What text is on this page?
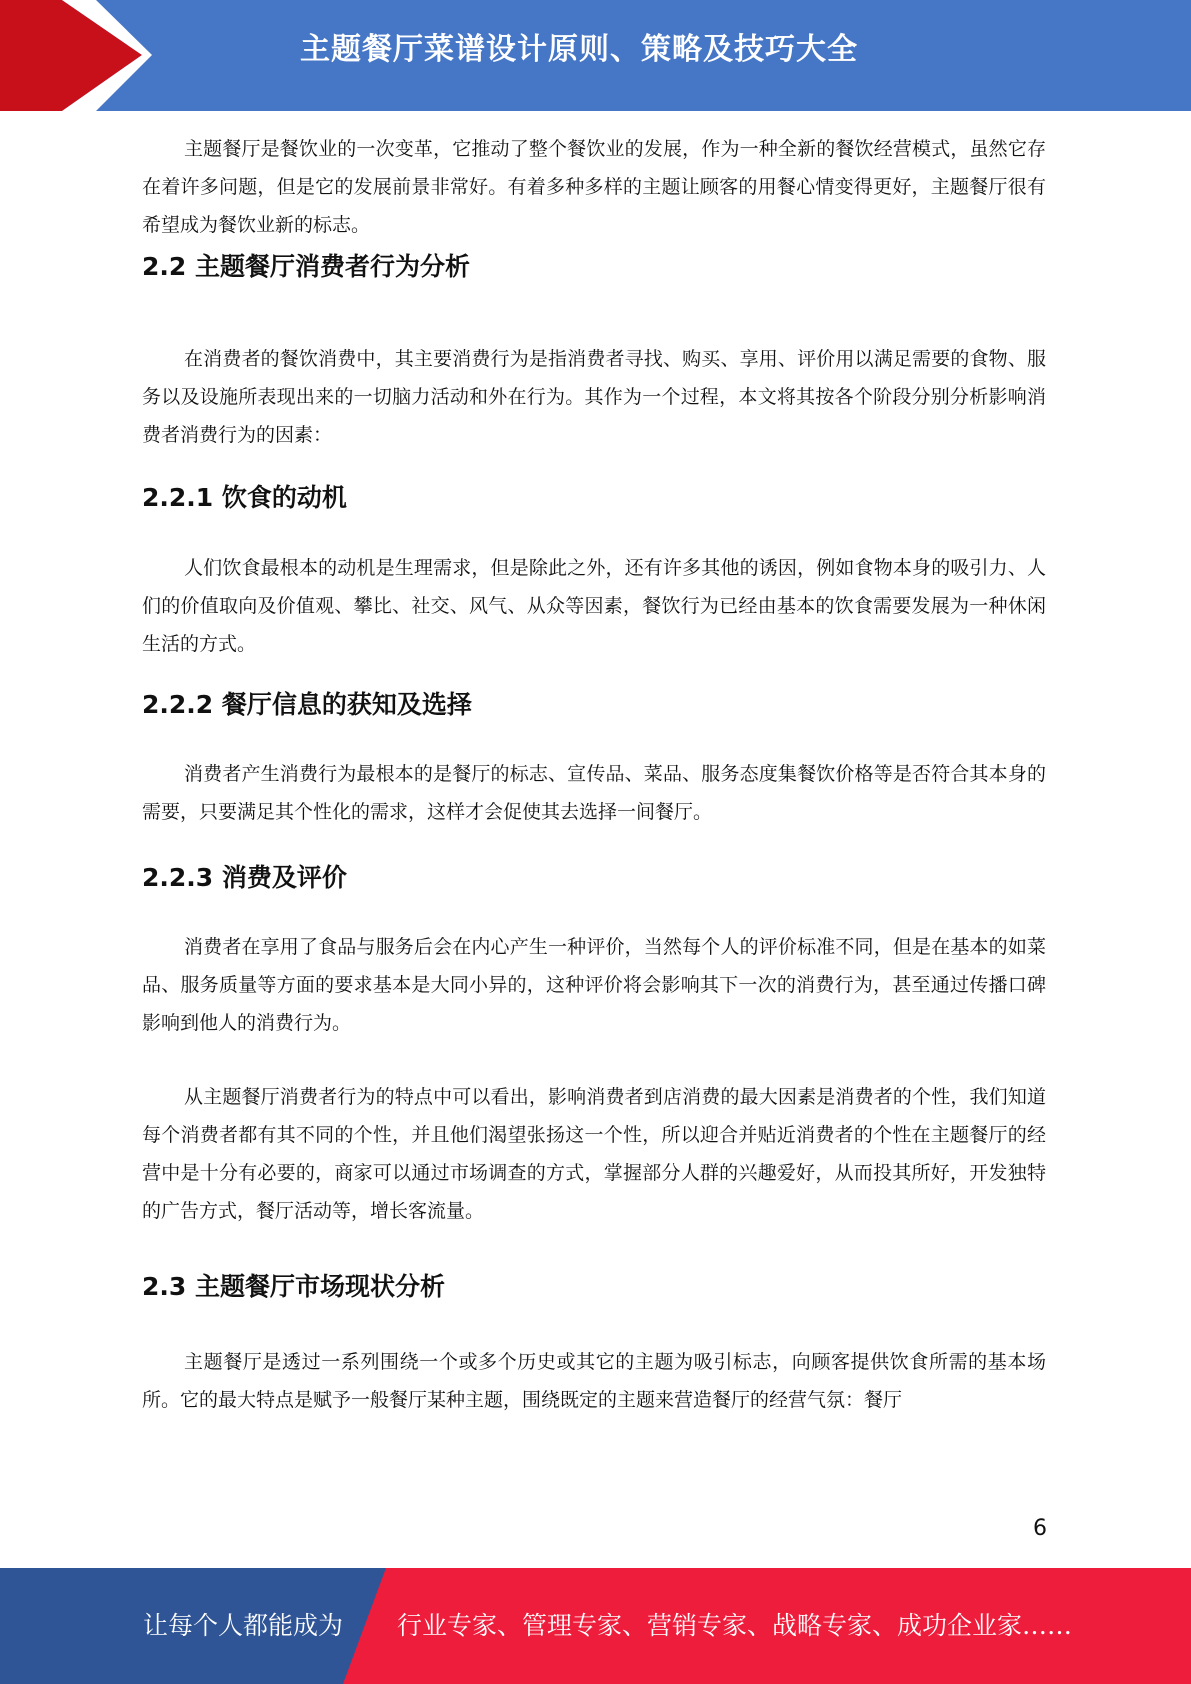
主题餐厅菜谱设计原则、策略及技巧大全

主题餐厅是餐饮业的一次变革，它推动了整个餐饮业的发展，作为一种全新的餐饮经营模式，虽然它存在着许多问题，但是它的发展前景非常好。有着多种多样的主题让顾客的用餐心情变得更好，主题餐厅很有希望成为餐饮业新的标志。

2.2 主题餐厅消费者行为分析

在消费者的餐饮消费中，其主要消费行为是指消费者寻找、购买、享用、评价用以满足需要的食物、服务以及设施所表现出来的一切脑力活动和外在行为。其作为一个过程，本文将其按各个阶段分别分析影响消费者消费行为的因素：

2.2.1 饮食的动机

人们饮食最根本的动机是生理需求，但是除此之外，还有许多其他的诱因，例如食物本身的吸引力、人们的价值取向及价值观、攀比、社交、风气、从众等因素，餐饮行为已经由基本的饮食需要发展为一种休闲生活的方式。

2.2.2 餐厅信息的获知及选择

消费者产生消费行为最根本的是餐厅的标志、宣传品、菜品、服务态度集餐饮价格等是否符合其本身的需要，只要满足其个性化的需求，这样才会促使其去选择一间餐厅。

2.2.3 消费及评价

消费者在享用了食品与服务后会在内心产生一种评价，当然每个人的评价标准不同，但是在基本的如菜品、服务质量等方面的要求基本是大同小异的，这种评价将会影响其下一次的消费行为，甚至通过传播口碑影响到他人的消费行为。

从主题餐厅消费者行为的特点中可以看出，影响消费者到店消费的最大因素是消费者的个性，我们知道每个消费者都有其不同的个性，并且他们渴望张扬这一个性，所以迎合并贴近消费者的个性在主题餐厅的经营中是十分有必要的，商家可以通过市场调查的方式，掌握部分人群的兴趣爱好，从而投其所好，开发独特的广告方式，餐厅活动等，增长客流量。

2.3 主题餐厅市场现状分析

主题餐厅是透过一系列围绕一个或多个历史或其它的主题为吸引标志，向顾客提供饮食所需的基本场所。它的最大特点是赋予一般餐厅某种主题，围绕既定的主题来营造餐厅的经营气氛：餐厅

6
让每个人都能成为 行业专家、管理专家、营销专家、战略专家、成功企业家……
